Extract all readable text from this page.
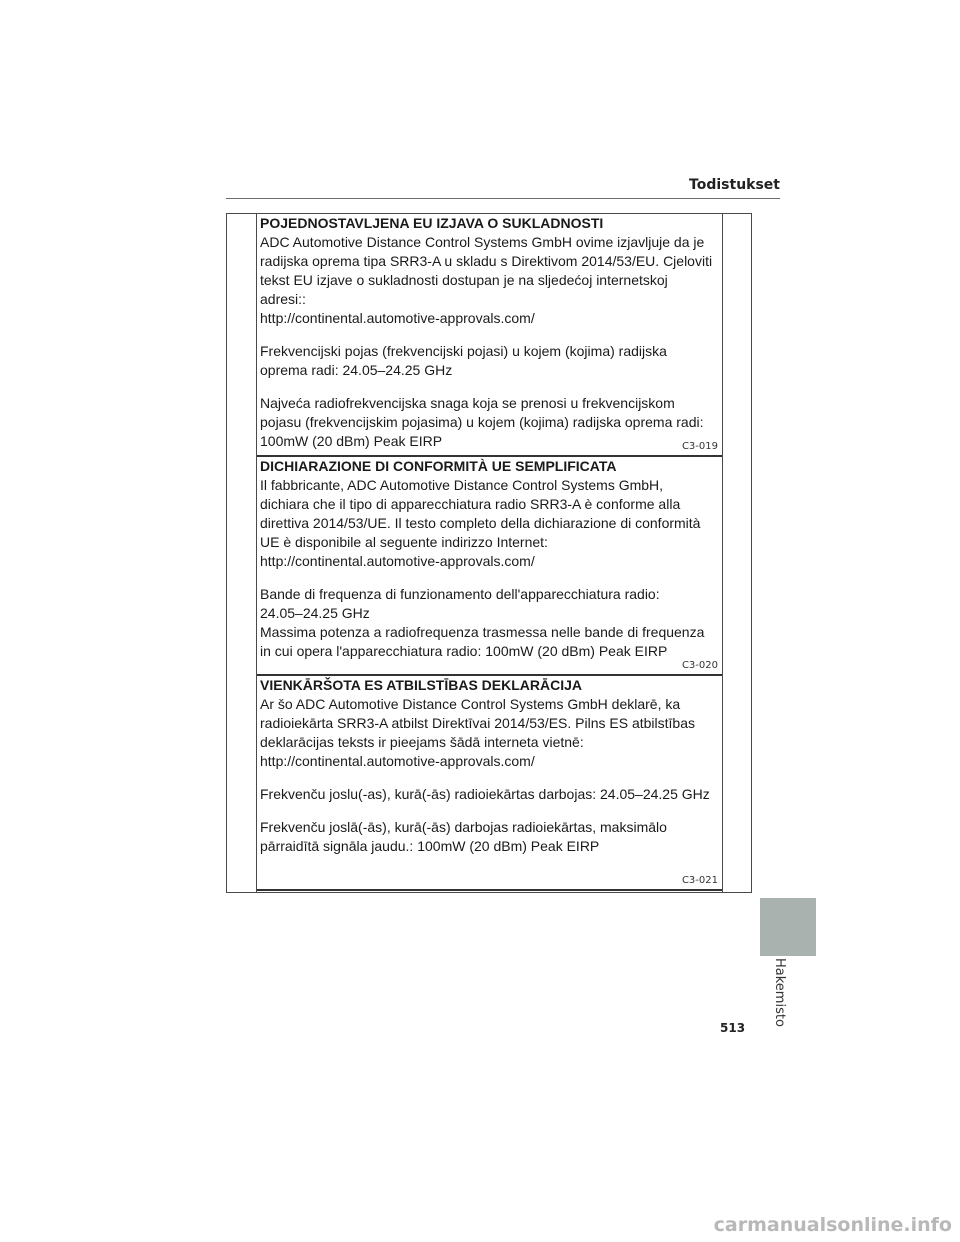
Todistukset

POJEDNOSTAVLJENA EU IZJAVA O SUKLADNOSTI

ADC Automotive Distance Control Systems GmbH ovime izjavljuje da je

radijska oprema tipa SRR3-A u skladu s Direktivom 2014/53/EU. Cjeloviti

tekst EU izjave o sukladnosti dostupan je na sljedećoj internetskoj

adresi::

http://continental.automotive-approvals.com/

Frekvencijski pojas (frekvencijski pojasi) u kojem (kojima) radijska

oprema radi: 24.05–24.25 GHz

Najveća radiofrekvencijska snaga koja se prenosi u frekvencijskom

pojasu (frekvencijskim pojasima) u kojem (kojima) radijska oprema radi:

100mW (20 dBm) Peak EIRP	C3-019

DICHIARAZIONE DI CONFORMITÀ UE SEMPLIFICATA

Il fabbricante, ADC Automotive Distance Control Systems GmbH,

dichiara che il tipo di apparecchiatura radio SRR3-A è conforme alla

direttiva 2014/53/UE. Il testo completo della dichiarazione di conformità

UE è disponibile al seguente indirizzo Internet:

http://continental.automotive-approvals.com/

Bande di frequenza di funzionamento dell'apparecchiatura radio:

24.05–24.25 GHz

Massima potenza a radiofrequenza trasmessa nelle bande di frequenza

in cui opera l'apparecchiatura radio: 100mW (20 dBm) Peak EIRP

C3-020

VIENKĀRŠOTA ES ATBILSTĪBAS DEKLARĀCIJA

Ar šo ADC Automotive Distance Control Systems GmbH deklarē, ka

radioiekārta SRR3-A atbilst Direktīvai 2014/53/ES. Pilns ES atbilstības

deklarācijas teksts ir pieejams šādā interneta vietnē:

http://continental.automotive-approvals.com/

Frekvenču joslu(-as), kurā(-ās) radioiekārtas darbojas: 24.05–24.25 GHz

Frekvenču joslā(-ās), kurā(-ās) darbojas radioiekārtas, maksimālo

pārraidītā signāla jaudu.: 100mW (20 dBm) Peak EIRP

C3-021
Hakemisto
513
carmanualsonline.info
